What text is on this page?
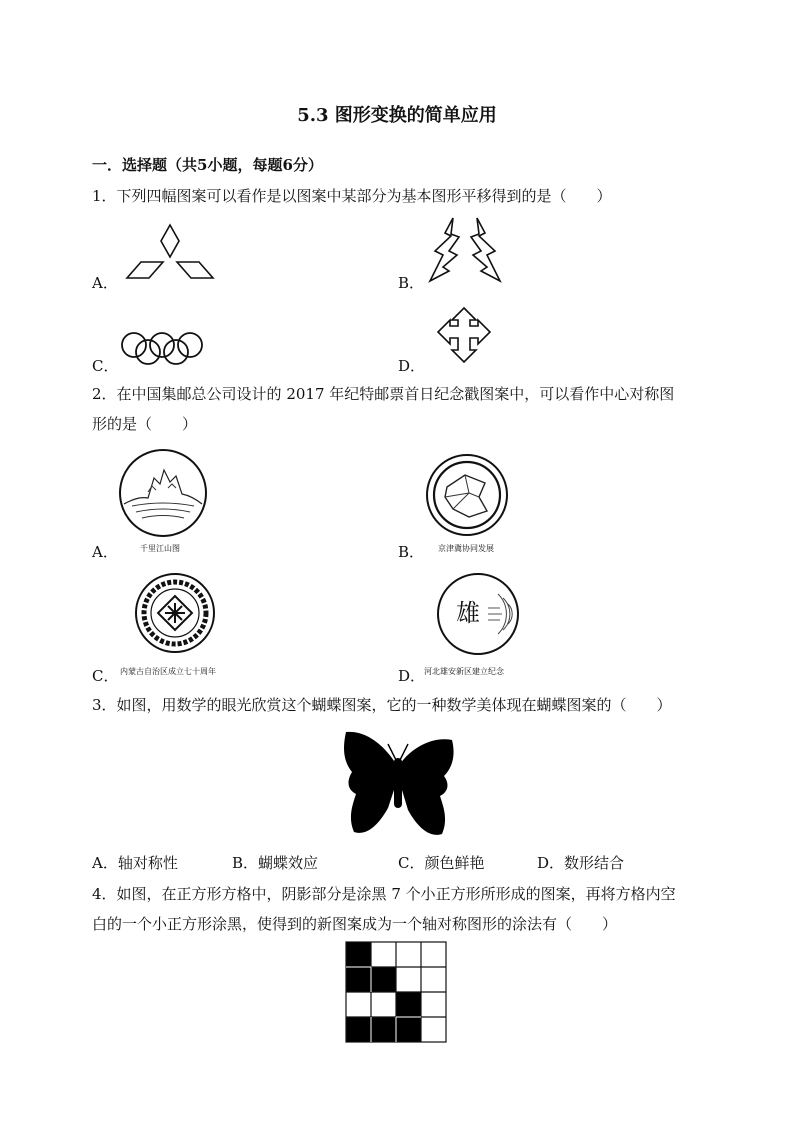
5.3 图形变换的简单应用
一．选择题（共5小题，每题6分）
1．下列四幅图案可以看作是以图案中某部分为基本图形平移得到的是（　　）
A．	B．
C．	D．
2．在中国集邮总公司设计的 2017 年纪特邮票首日纪念戳图案中，可以看作中心对称图
形的是（　　）
A．	千里江山图	B． 京津冀协同发展
C． 内蒙古自治区成立七十周年	D．
雄
河北雄安新区建立纪念
3．如图，用数学的眼光欣赏这个蝴蝶图案，它的一种数学美体现在蝴蝶图案的（　　）
A．轴对称性	B．蝴蝶效应	C．颜色鲜艳	D．数形结合
4．如图，在正方形方格中，阴影部分是涂黑 7 个小正方形所形成的图案，再将方格内空
白的一个小正方形涂黑，使得到的新图案成为一个轴对称图形的涂法有（　　）
